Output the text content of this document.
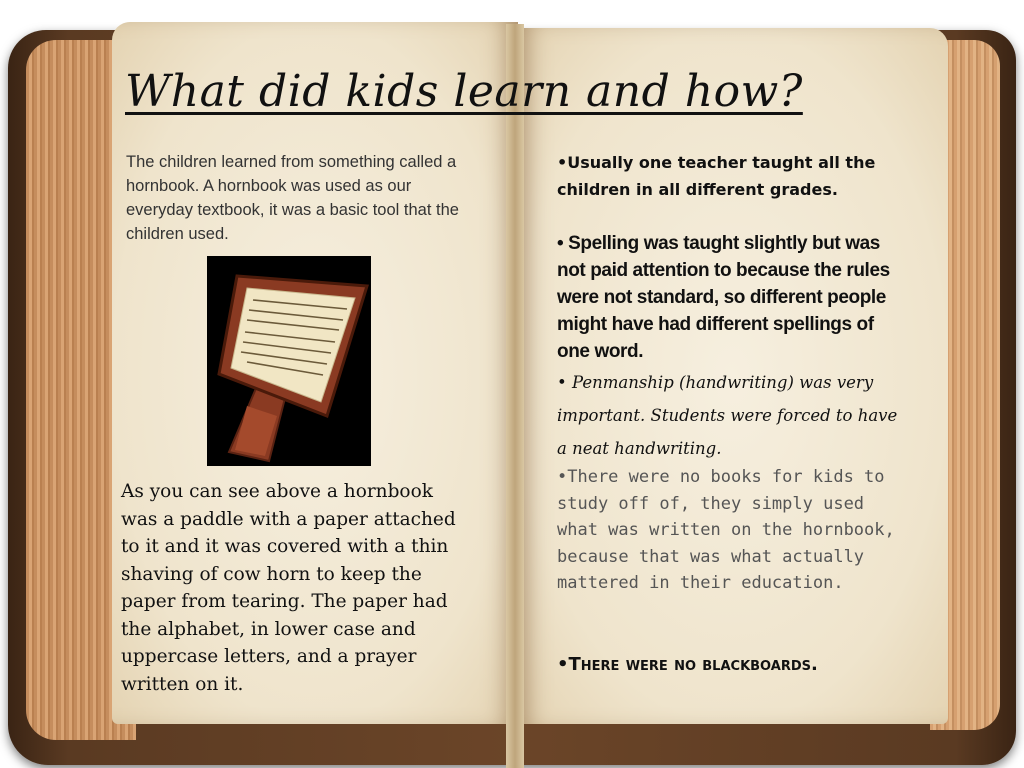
What did kids learn and how?
The children learned from something called a hornbook. A hornbook was used as our everyday textbook, it was a basic tool that the children used.
As you can see above a hornbook was a paddle with a paper attached to it and it was covered with a thin shaving of cow horn to keep the paper from tearing. The paper had the alphabet, in lower case and uppercase letters, and a prayer written on it.
•Usually one teacher taught all the children in all different grades.
• Spelling was taught slightly but was not paid attention to because the rules were not standard, so different people might have had different spellings of one word.
• Penmanship (handwriting) was very important. Students were forced to have a neat handwriting.
•There were no books for kids to study off of, they simply used what was written on the hornbook, because that was what actually mattered in their education.
•There were no blackboards.
